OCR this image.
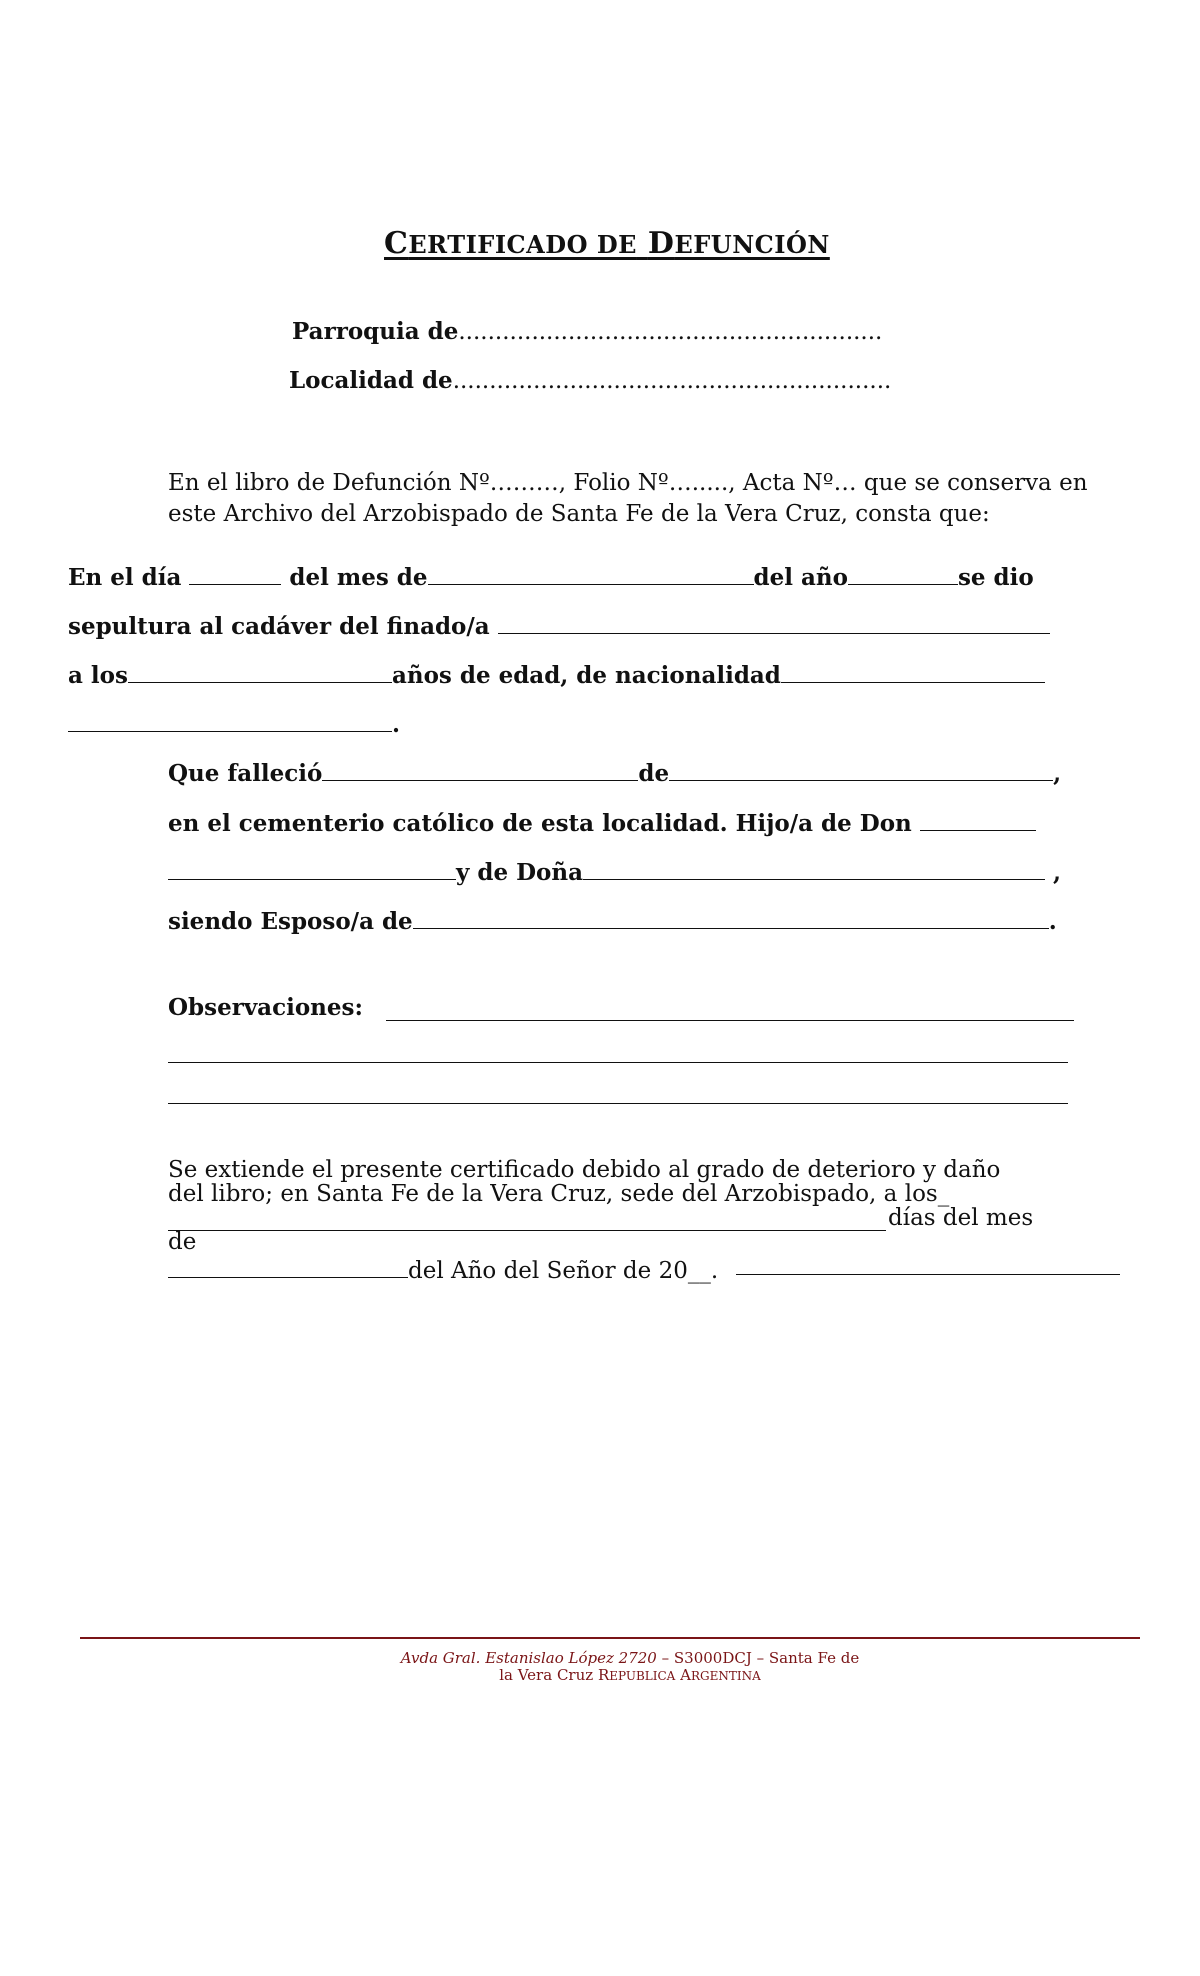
CERTIFICADO DE DEFUNCIÓN
Parroquia de..........................................................
Localidad de............................................................
En el libro de Defunción Nº………, Folio Nº…....., Acta Nº… que se conserva en
este Archivo del Arzobispado de Santa Fe de la Vera Cruz, consta que:
En el día	del mes de	del año	se dio
sepultura al cadáver del finado/a
a los	años de edad, de nacionalidad
.
Que falleció	de	,
en el cementerio católico de esta localidad. Hijo/a de Don
y de Doña	,
siendo Esposo/a de	.
Observaciones:
Se extiende el presente certificado debido al grado de deterioro y daño
del libro; en Santa Fe de la Vera Cruz, sede del Arzobispado, a los_
días del mes
de
del Año del Señor de 20__.
Avda Gral. Estanislao López 2720 – S3000DCJ – Santa Fe de
la Vera Cruz REPUBLICA ARGENTINA
